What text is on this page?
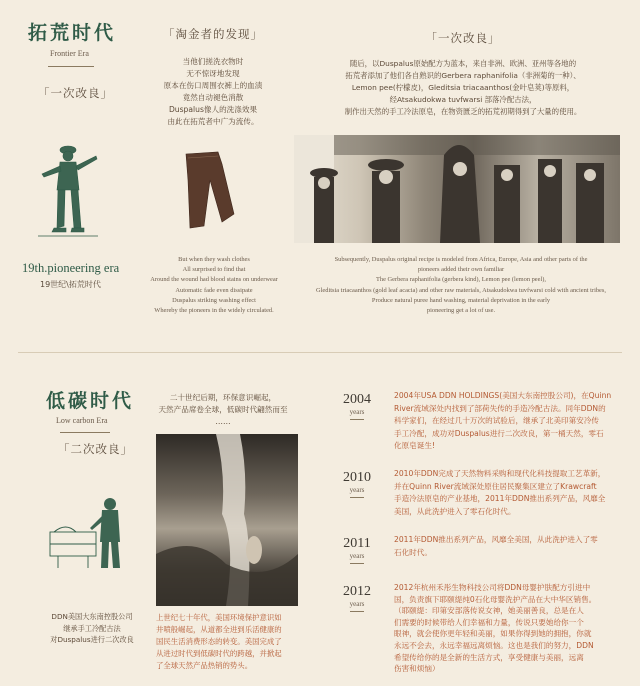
拓荒时代
Frontier Era
「一次改良」
19th.pioneering era
19世纪\拓荒时代
「淘金者的发现」
当他们搓洗衣物时
无不惊讶地发现
原本在伤口周围衣裤上的血渍
竟然自动褪色消散
Duspalus像人的洗涤效果
由此在拓荒者中广为流传。
But when they wash clothes
All surprised to find that
Around the wound had blood stains on underwear
Automatic fade even dissipate
Duspalus striking washing effect
Whereby the pioneers in the widely circulated.
「一次改良」
随后，以Duspalus原始配方为蓝本，来自非洲、欧洲、亚州等各地的
拓荒者添加了他们各自熟识的Gerbera raphanifolia（非洲菊的一种）、
Lemon pee(柠檬皮)，Gleditsia triacaanthos(金叶皂荚)等原料，
经Atsakudokwa tuvfwarsi 部落冷配古法，
制作出天然的手工冷法原皂，在物资匮乏的拓荒初期得到了大量的使用。
Subsequently, Duspalus original recipe is modeled from Africa, Europe, Asia and other parts of the
pioneers added their own familiar
The Gerbera raphanifolia (gerbera kind), Lemon pee (lemon peel),
Gleditsia triacaanthos (gold leaf acacia) and other raw materials, Atsakudokwa tuvfwarsi cold with ancient tribes,
Produce natural puree hand washing, material deprivation in the early
pioneering get a lot of use.
低碳时代
Low carbon Era
「二次改良」
二十世纪后期，环保意识崛起，
天然产品席卷全球，低碳时代翩然而至
……
DDN美国大东南控股公司
继承手工冷配古法
对Duspalus进行二次改良
上世纪七十年代，美国环境保护意识如
井喷般崛起，从道都全进到乐活健康的
国民生活消费形态的转变。美国完成了
从进过时代到低碳时代的跨越，并掀起
了全球天然产品热销的势头。
2004
years
2004年USA DDN HOLDINGS(美国大东南控股公司)，在Quinn
River流域深处内找到了部荷失传的手造冷配古法。同年DDN的
科学家们，在经过几十万次的试验后，继承了北美印第安冷传
手工冷配，成功对Duspalus进行二次改良，第一桶天然，零石
化原皂诞生!
2010
years
2010年DDN完成了天然物料采购和现代化科技提取工艺革新，
并在Quinn River流域深处原住居民聚集区建立了Krawcraft
手造冷法原皂的产业基地，2011年DDN推出系列产品，风靡全
美国，从此洗护进入了零石化时代。
2011
years
2011年DDN推出系列产品，风靡全美国，从此洗护进入了零
石化时代。
2012
years
2012年杭州禾彤生物科技公司将DDN母婴护肤配方引进中
国，负责旗下耶颐缇纯0石化母婴洗护产品在大中华区销售。
（耶颐缇：印第安部落传说女神，她美丽善良，总是在人
们需要的时候带给人们幸福和力量，传说只要她给你一个
眼神，就会使你更年轻和美丽，如果你得到她的拥抱，你就
永远不会去，永远幸福远离烦恼。这也是我们的努力，DDN
希望传给你的是全新的生活方式，享受健康与美丽，远离
伤害和烦恼）
